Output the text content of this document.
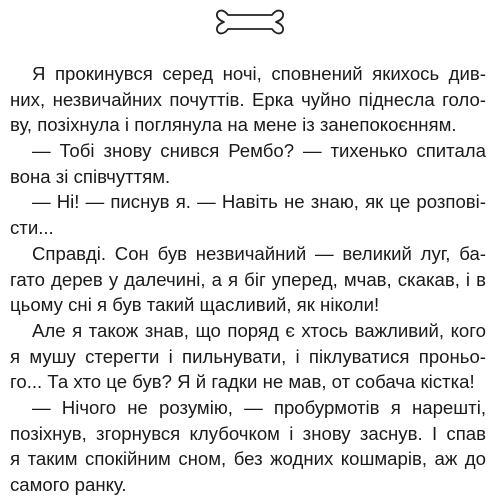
Я прокинувся серед ночі, сповнений якихось див-
них, незвичайних почуттів. Ерка чуйно піднесла голо-
ву, позіхнула і поглянула на мене із занепокоєнням.
— Тобі знову снився Рембо? — тихенько спитала
вона зі співчуттям.
— Ні! — писнув я. — Навіть не знаю, як це розпові-
сти...
Справді. Сон був незвичайний — великий луг, ба-
гато дерев у далечині, а я біг уперед, мчав, скакав, і в
цьому сні я був такий щасливий, як ніколи!
Але я також знав, що поряд є хтось важливий, кого
я мушу стерегти і пильнувати, і піклуватися проньо-
го... Та хто це був? Я й гадки не мав, от собача кістка!
— Нічого не розумію, — пробурмотів я нарешті,
позіхнув, згорнувся клубочком і знову заснув. І спав
я таким спокійним сном, без жодних кошмарів, аж до
самого ранку.
